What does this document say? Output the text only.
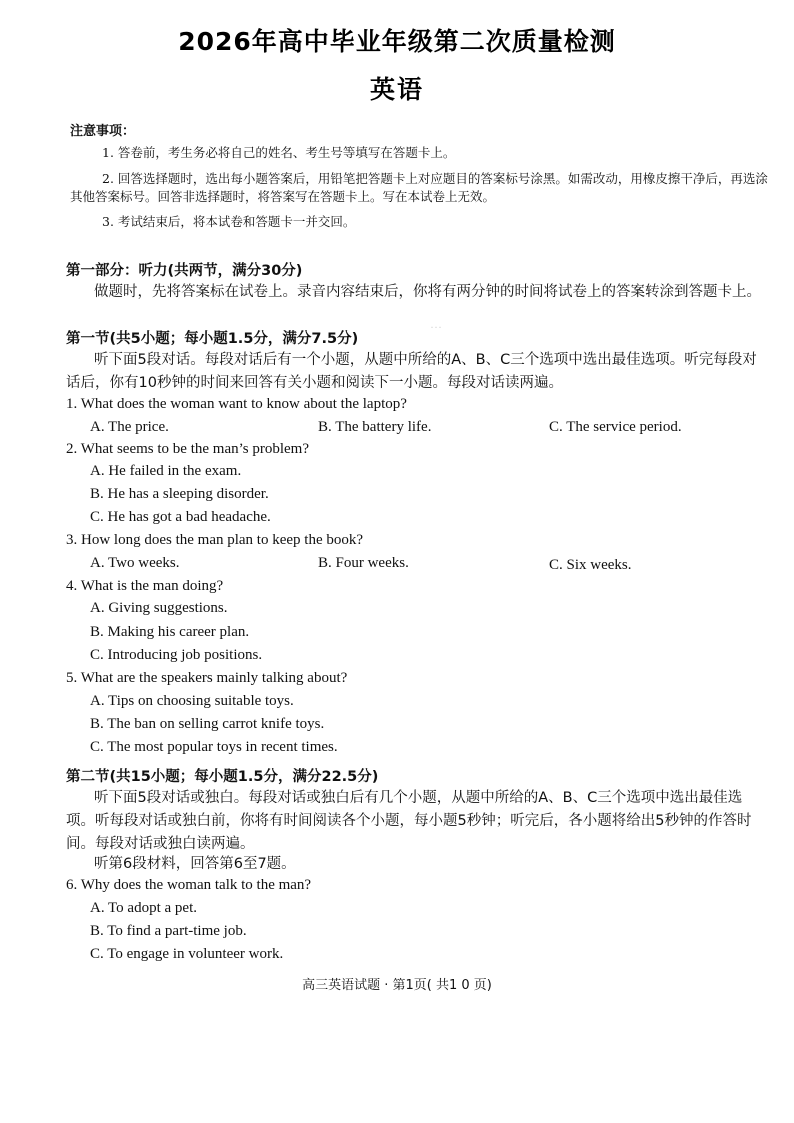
···
2026年高中毕业年级第二次质量检测
英语
注意事项：
1. 答卷前，考生务必将自己的姓名、考生号等填写在答题卡上。
2. 回答选择题时，选出每小题答案后，用铅笔把答题卡上对应题目的答案标号涂黑。如需改动，用橡皮擦干净后，再选涂其他答案标号。回答非选择题时，将答案写在答题卡上。写在本试卷上无效。
3. 考试结束后，将本试卷和答题卡一并交回。
第一部分：听力(共两节，满分30分)
做题时，先将答案标在试卷上。录音内容结束后，你将有两分钟的时间将试卷上的答案转涂到答题卡上。
第一节(共5小题；每小题1.5分，满分7.5分)
听下面5段对话。每段对话后有一个小题，从题中所给的A、B、C三个选项中选出最佳选项。听完每段对话后，你有10秒钟的时间来回答有关小题和阅读下一小题。每段对话读两遍。
1. What does the woman want to know about the laptop?
A. The price.	B. The battery life.	C. The service period.
2. What seems to be the man’s problem?
A. He failed in the exam.
B. He has a sleeping disorder.
C. He has got a bad headache.
3. How long does the man plan to keep the book?
A. Two weeks.	B. Four weeks.	C. Six weeks.
4. What is the man doing?
A. Giving suggestions.
B. Making his career plan.
C. Introducing job positions.
5. What are the speakers mainly talking about?
A. Tips on choosing suitable toys.
B. The ban on selling carrot knife toys.
C. The most popular toys in recent times.
第二节(共15小题；每小题1.5分，满分22.5分)
听下面5段对话或独白。每段对话或独白后有几个小题，从题中所给的A、B、C三个选项中选出最佳选项。听每段对话或独白前，你将有时间阅读各个小题，每小题5秒钟；听完后，各小题将给出5秒钟的作答时间。每段对话或独白读两遍。
听第6段材料，回答第6至7题。
6. Why does the woman talk to the man?
A. To adopt a pet.
B. To find a part-time job.
C. To engage in volunteer work.
高三英语试题 · 第1页( 共1 0 页)
